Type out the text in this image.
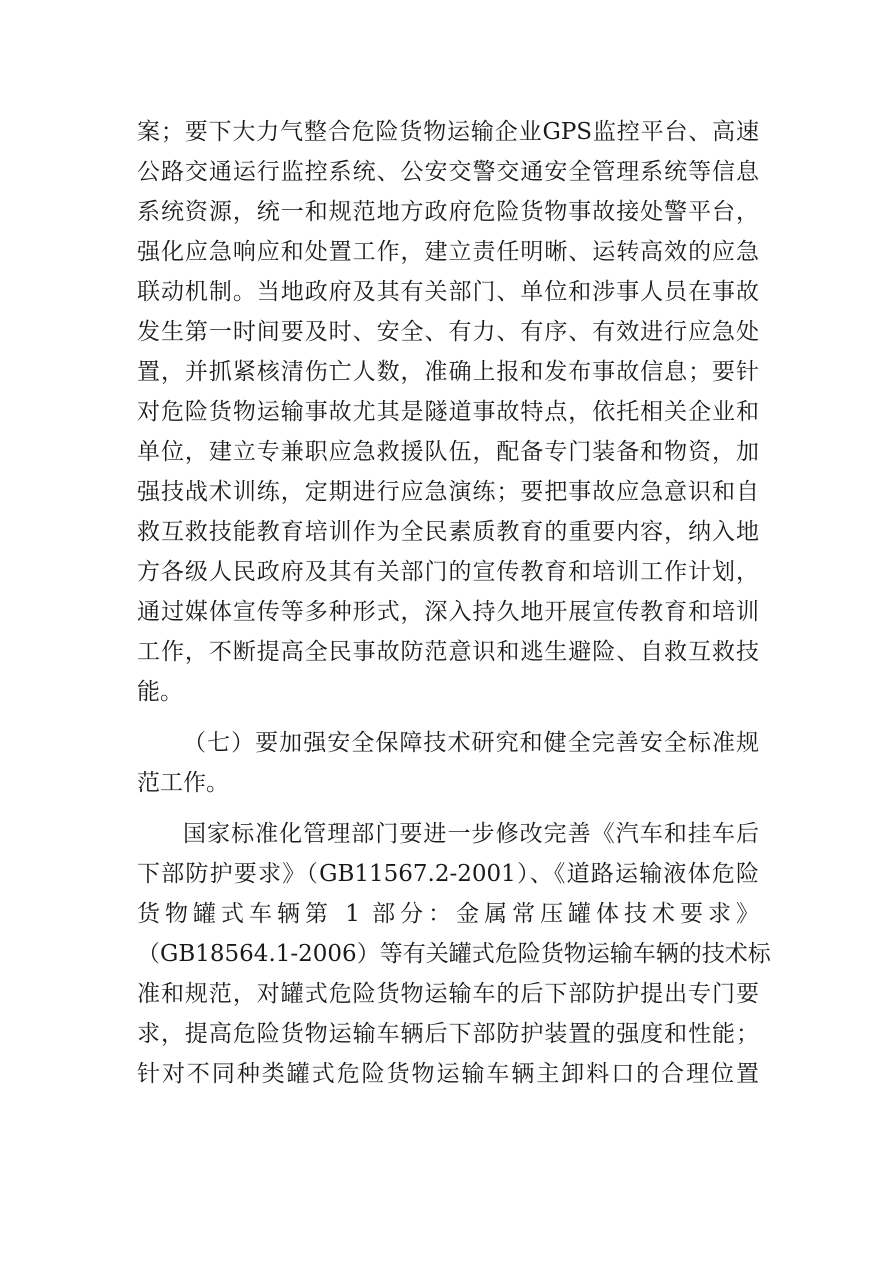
案；要下大力气整合危险货物运输企业GPS监控平台、高速
公路交通运行监控系统、公安交警交通安全管理系统等信息
系统资源，统一和规范地方政府危险货物事故接处警平台，
强化应急响应和处置工作，建立责任明晰、运转高效的应急
联动机制。当地政府及其有关部门、单位和涉事人员在事故
发生第一时间要及时、安全、有力、有序、有效进行应急处
置，并抓紧核清伤亡人数，准确上报和发布事故信息；要针
对危险货物运输事故尤其是隧道事故特点，依托相关企业和
单位，建立专兼职应急救援队伍，配备专门装备和物资，加
强技战术训练，定期进行应急演练；要把事故应急意识和自
救互救技能教育培训作为全民素质教育的重要内容，纳入地
方各级人民政府及其有关部门的宣传教育和培训工作计划，
通过媒体宣传等多种形式，深入持久地开展宣传教育和培训
工作，不断提高全民事故防范意识和逃生避险、自救互救技
能。
（七）要加强安全保障技术研究和健全完善安全标准规
范工作。
国家标准化管理部门要进一步修改完善《汽车和挂车后
下部防护要求》（GB11567.2-2001）、《道路运输液体危险
货物罐式车辆第 1 部分：金属常压罐体技术要求》
（GB18564.1-2006）等有关罐式危险货物运输车辆的技术标
准和规范，对罐式危险货物运输车的后下部防护提出专门要
求，提高危险货物运输车辆后下部防护装置的强度和性能；
针对不同种类罐式危险货物运输车辆主卸料口的合理位置
